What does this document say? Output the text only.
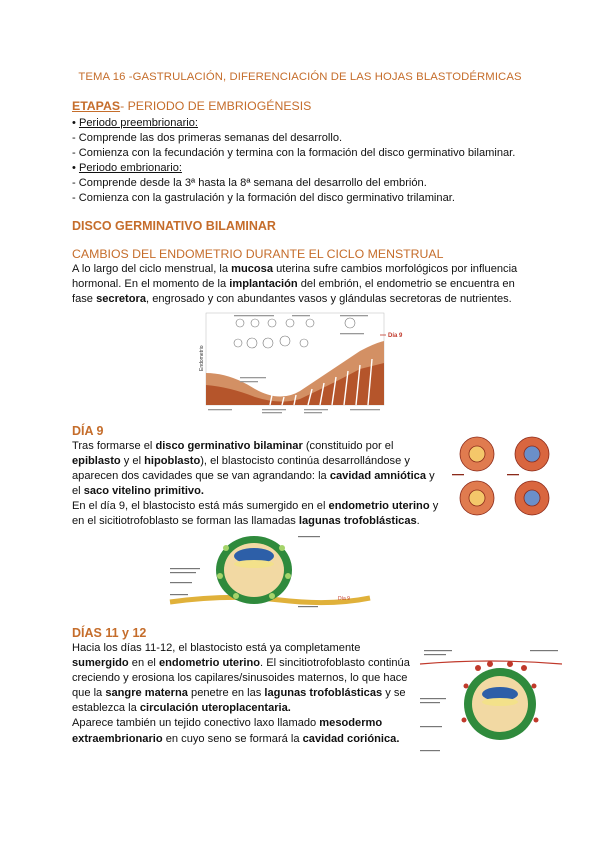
TEMA 16 -GASTRULACIÓN, DIFERENCIACIÓN DE LAS HOJAS BLASTODÉRMICAS
ETAPAS- PERIODO DE EMBRIOGÉNESIS
• Periodo preembrionario:
- Comprende las dos primeras semanas del desarrollo.
- Comienza con la fecundación y termina con la formación del disco germinativo bilaminar.
• Periodo embrionario:
- Comprende desde la 3ª hasta la 8ª semana del desarrollo del embrión.
- Comienza con la gastrulación y la formación del disco germinativo trilaminar.
DISCO GERMINATIVO BILAMINAR
CAMBIOS DEL ENDOMETRIO DURANTE EL CICLO MENSTRUAL
A lo largo del ciclo menstrual, la mucosa uterina sufre cambios morfológicos por influencia hormonal. En el momento de la implantación del embrión, el endometrio se encuentra en fase secretora, engrosado y con abundantes vasos y glándulas secretoras de nutrientes.
Endometrio
Día 9
DÍA 9
Tras formarse el disco germinativo bilaminar (constituido por el epiblasto y el hipoblasto), el blastocisto continúa desarrollándose y aparecen dos cavidades que se van agrandando: la cavidad amniótica y el saco vitelino primitivo.
En el día 9, el blastocisto está más sumergido en el endometrio uterino y en el sicitiotrofoblasto se forman las llamadas lagunas trofoblásticas.
Día 9
DÍAS 11 y 12
Hacia los días 11-12, el blastocisto está ya completamente sumergido en el endometrio uterino. El sincitiotrofoblasto continúa creciendo y erosiona los capilares/sinusoides maternos, lo que hace que la sangre materna penetre en las lagunas trofoblásticas y se establezca la circulación uteroplacentaria.
Aparece también un tejido conectivo laxo llamado mesodermo extraembrionario en cuyo seno se formará la cavidad coriónica.
